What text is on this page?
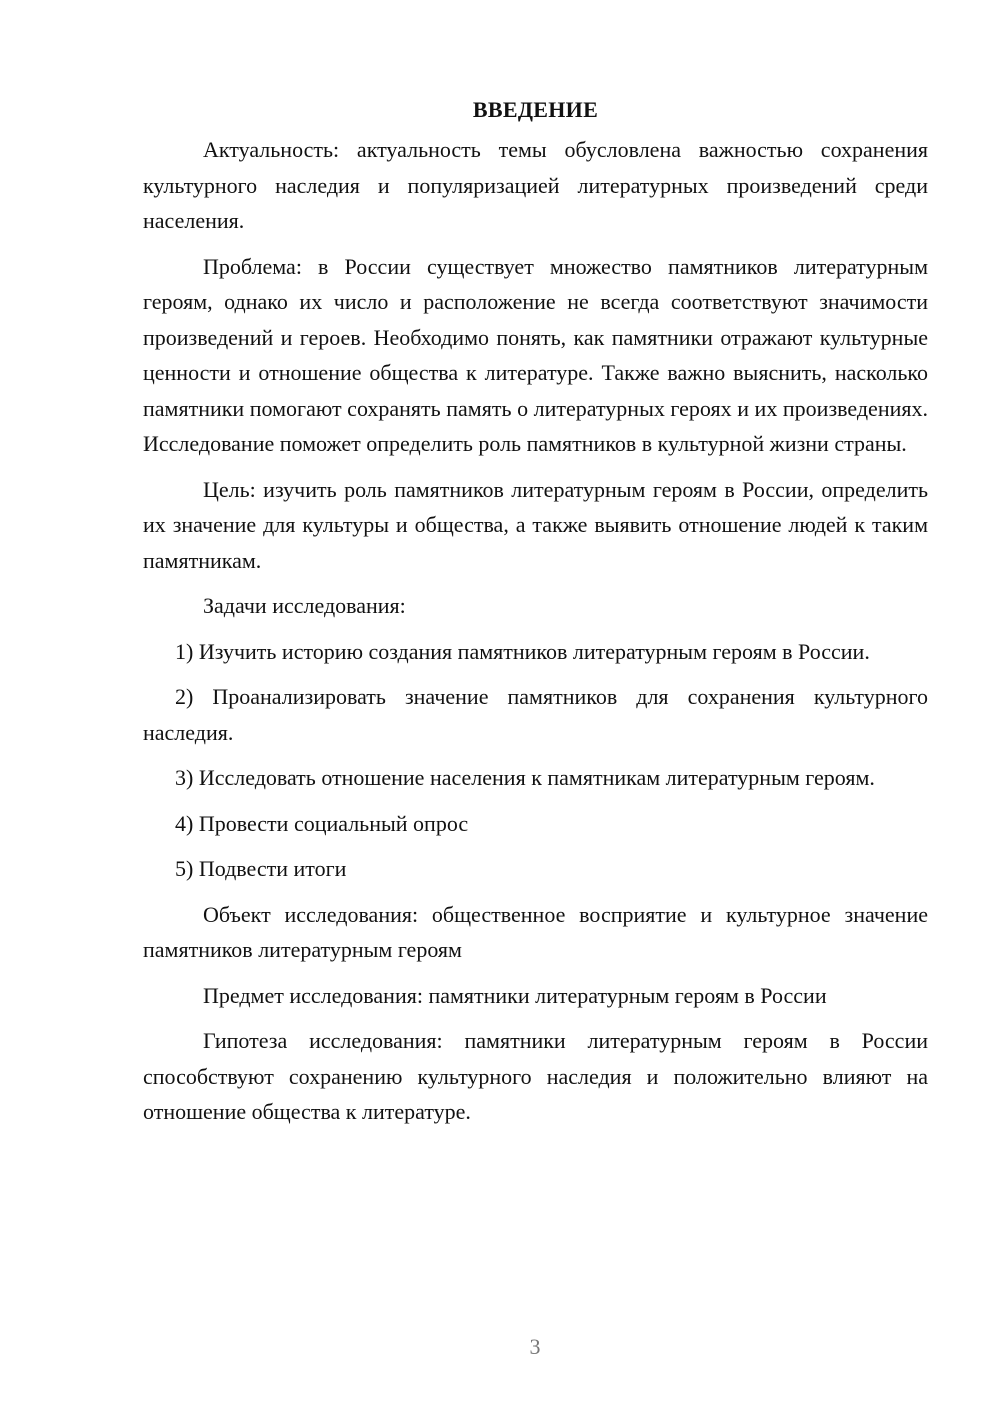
ВВЕДЕНИЕ

Актуальность: актуальность темы обусловлена важностью сохранения культурного наследия и популяризацией литературных произведений среди населения.

Проблема: в России существует множество памятников литературным героям, однако их число и расположение не всегда соответствуют значимости произведений и героев. Необходимо понять, как памятники отражают культурные ценности и отношение общества к литературе. Также важно выяснить, насколько памятники помогают сохранять память о литературных героях и их произведениях. Исследование поможет определить роль памятников в культурной жизни страны.

Цель: изучить роль памятников литературным героям в России, определить их значение для культуры и общества, а также выявить отношение людей к таким памятникам.

Задачи исследования:

1) Изучить историю создания памятников литературным героям в России.

2) Проанализировать значение памятников для сохранения культурного наследия.

3) Исследовать отношение населения к памятникам литературным героям.

4) Провести социальный опрос

5) Подвести итоги

Объект исследования: общественное восприятие и культурное значение памятников литературным героям

Предмет исследования: памятники литературным героям в России

Гипотеза исследования: памятники литературным героям в России способствуют сохранению культурного наследия и положительно влияют на отношение общества к литературе.

3
